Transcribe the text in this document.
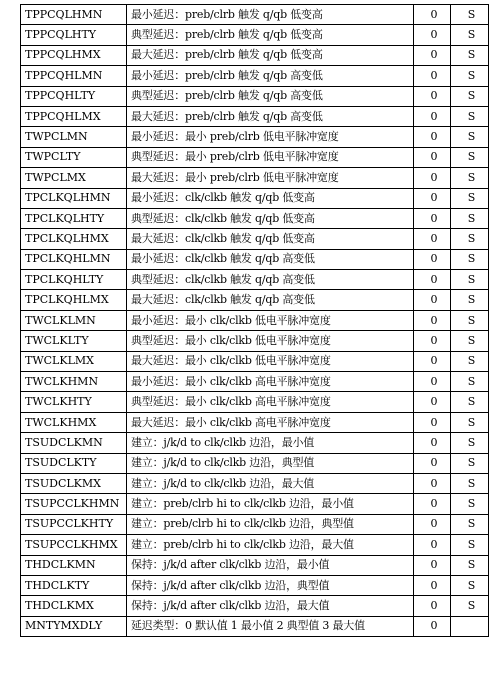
TPPCQLHMN	最小延迟：preb/clrb 触发 q/qb 低变高	0	S
TPPCQLHTY	典型延迟：preb/clrb 触发 q/qb 低变高	0	S
TPPCQLHMX	最大延迟：preb/clrb 触发 q/qb 低变高	0	S
TPPCQHLMN	最小延迟：preb/clrb 触发 q/qb 高变低	0	S
TPPCQHLTY	典型延迟：preb/clrb 触发 q/qb 高变低	0	S
TPPCQHLMX	最大延迟：preb/clrb 触发 q/qb 高变低	0	S
TWPCLMN	最小延迟：最小 preb/clrb 低电平脉冲宽度	0	S
TWPCLTY	典型延迟：最小 preb/clrb 低电平脉冲宽度	0	S
TWPCLMX	最大延迟：最小 preb/clrb 低电平脉冲宽度	0	S
TPCLKQLHMN	最小延迟：clk/clkb 触发 q/qb 低变高	0	S
TPCLKQLHTY	典型延迟：clk/clkb 触发 q/qb 低变高	0	S
TPCLKQLHMX	最大延迟：clk/clkb 触发 q/qb 低变高	0	S
TPCLKQHLMN	最小延迟：clk/clkb 触发 q/qb 高变低	0	S
TPCLKQHLTY	典型延迟：clk/clkb 触发 q/qb 高变低	0	S
TPCLKQHLMX	最大延迟：clk/clkb 触发 q/qb 高变低	0	S
TWCLKLMN	最小延迟：最小 clk/clkb 低电平脉冲宽度	0	S
TWCLKLTY	典型延迟：最小 clk/clkb 低电平脉冲宽度	0	S
TWCLKLMX	最大延迟：最小 clk/clkb 低电平脉冲宽度	0	S
TWCLKHMN	最小延迟：最小 clk/clkb 高电平脉冲宽度	0	S
TWCLKHTY	典型延迟：最小 clk/clkb 高电平脉冲宽度	0	S
TWCLKHMX	最大延迟：最小 clk/clkb 高电平脉冲宽度	0	S
TSUDCLKMN	建立：j/k/d to clk/clkb 边沿，最小值	0	S
TSUDCLKTY	建立：j/k/d to clk/clkb 边沿，典型值	0	S
TSUDCLKMX	建立：j/k/d to clk/clkb 边沿，最大值	0	S
TSUPCCLKHMN	建立：preb/clrb hi to clk/clkb 边沿，最小值	0	S
TSUPCCLKHTY	建立：preb/clrb hi to clk/clkb 边沿，典型值	0	S
TSUPCCLKHMX	建立：preb/clrb hi to clk/clkb 边沿，最大值	0	S
THDCLKMN	保持：j/k/d after clk/clkb 边沿，最小值	0	S
THDCLKTY	保持：j/k/d after clk/clkb 边沿，典型值	0	S
THDCLKMX	保持：j/k/d after clk/clkb 边沿，最大值	0	S
MNTYMXDLY	延迟类型：0 默认值 1 最小值 2 典型值 3 最大值	0	
